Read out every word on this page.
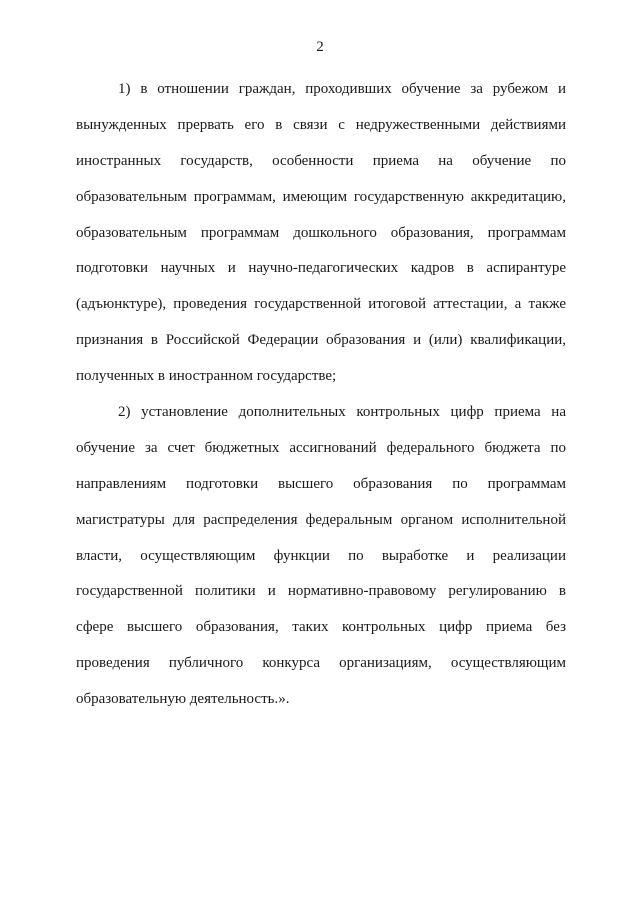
2
1) в отношении граждан, проходивших обучение за рубежом и
вынужденных прервать его в связи с недружественными действиями
иностранных государств, особенности приема на обучение по
образовательным программам, имеющим государственную аккредитацию,
образовательным программам дошкольного образования, программам
подготовки научных и научно-педагогических кадров в аспирантуре
(адъюнктуре), проведения государственной итоговой аттестации, а также
признания в Российской Федерации образования и (или) квалификации,
полученных в иностранном государстве;
2) установление дополнительных контрольных цифр приема на
обучение за счет бюджетных ассигнований федерального бюджета по
направлениям подготовки высшего образования по программам
магистратуры для распределения федеральным органом исполнительной
власти, осуществляющим функции по выработке и реализации
государственной политики и нормативно-правовому регулированию в
сфере высшего образования, таких контрольных цифр приема без
проведения публичного конкурса организациям, осуществляющим
образовательную деятельность.».
